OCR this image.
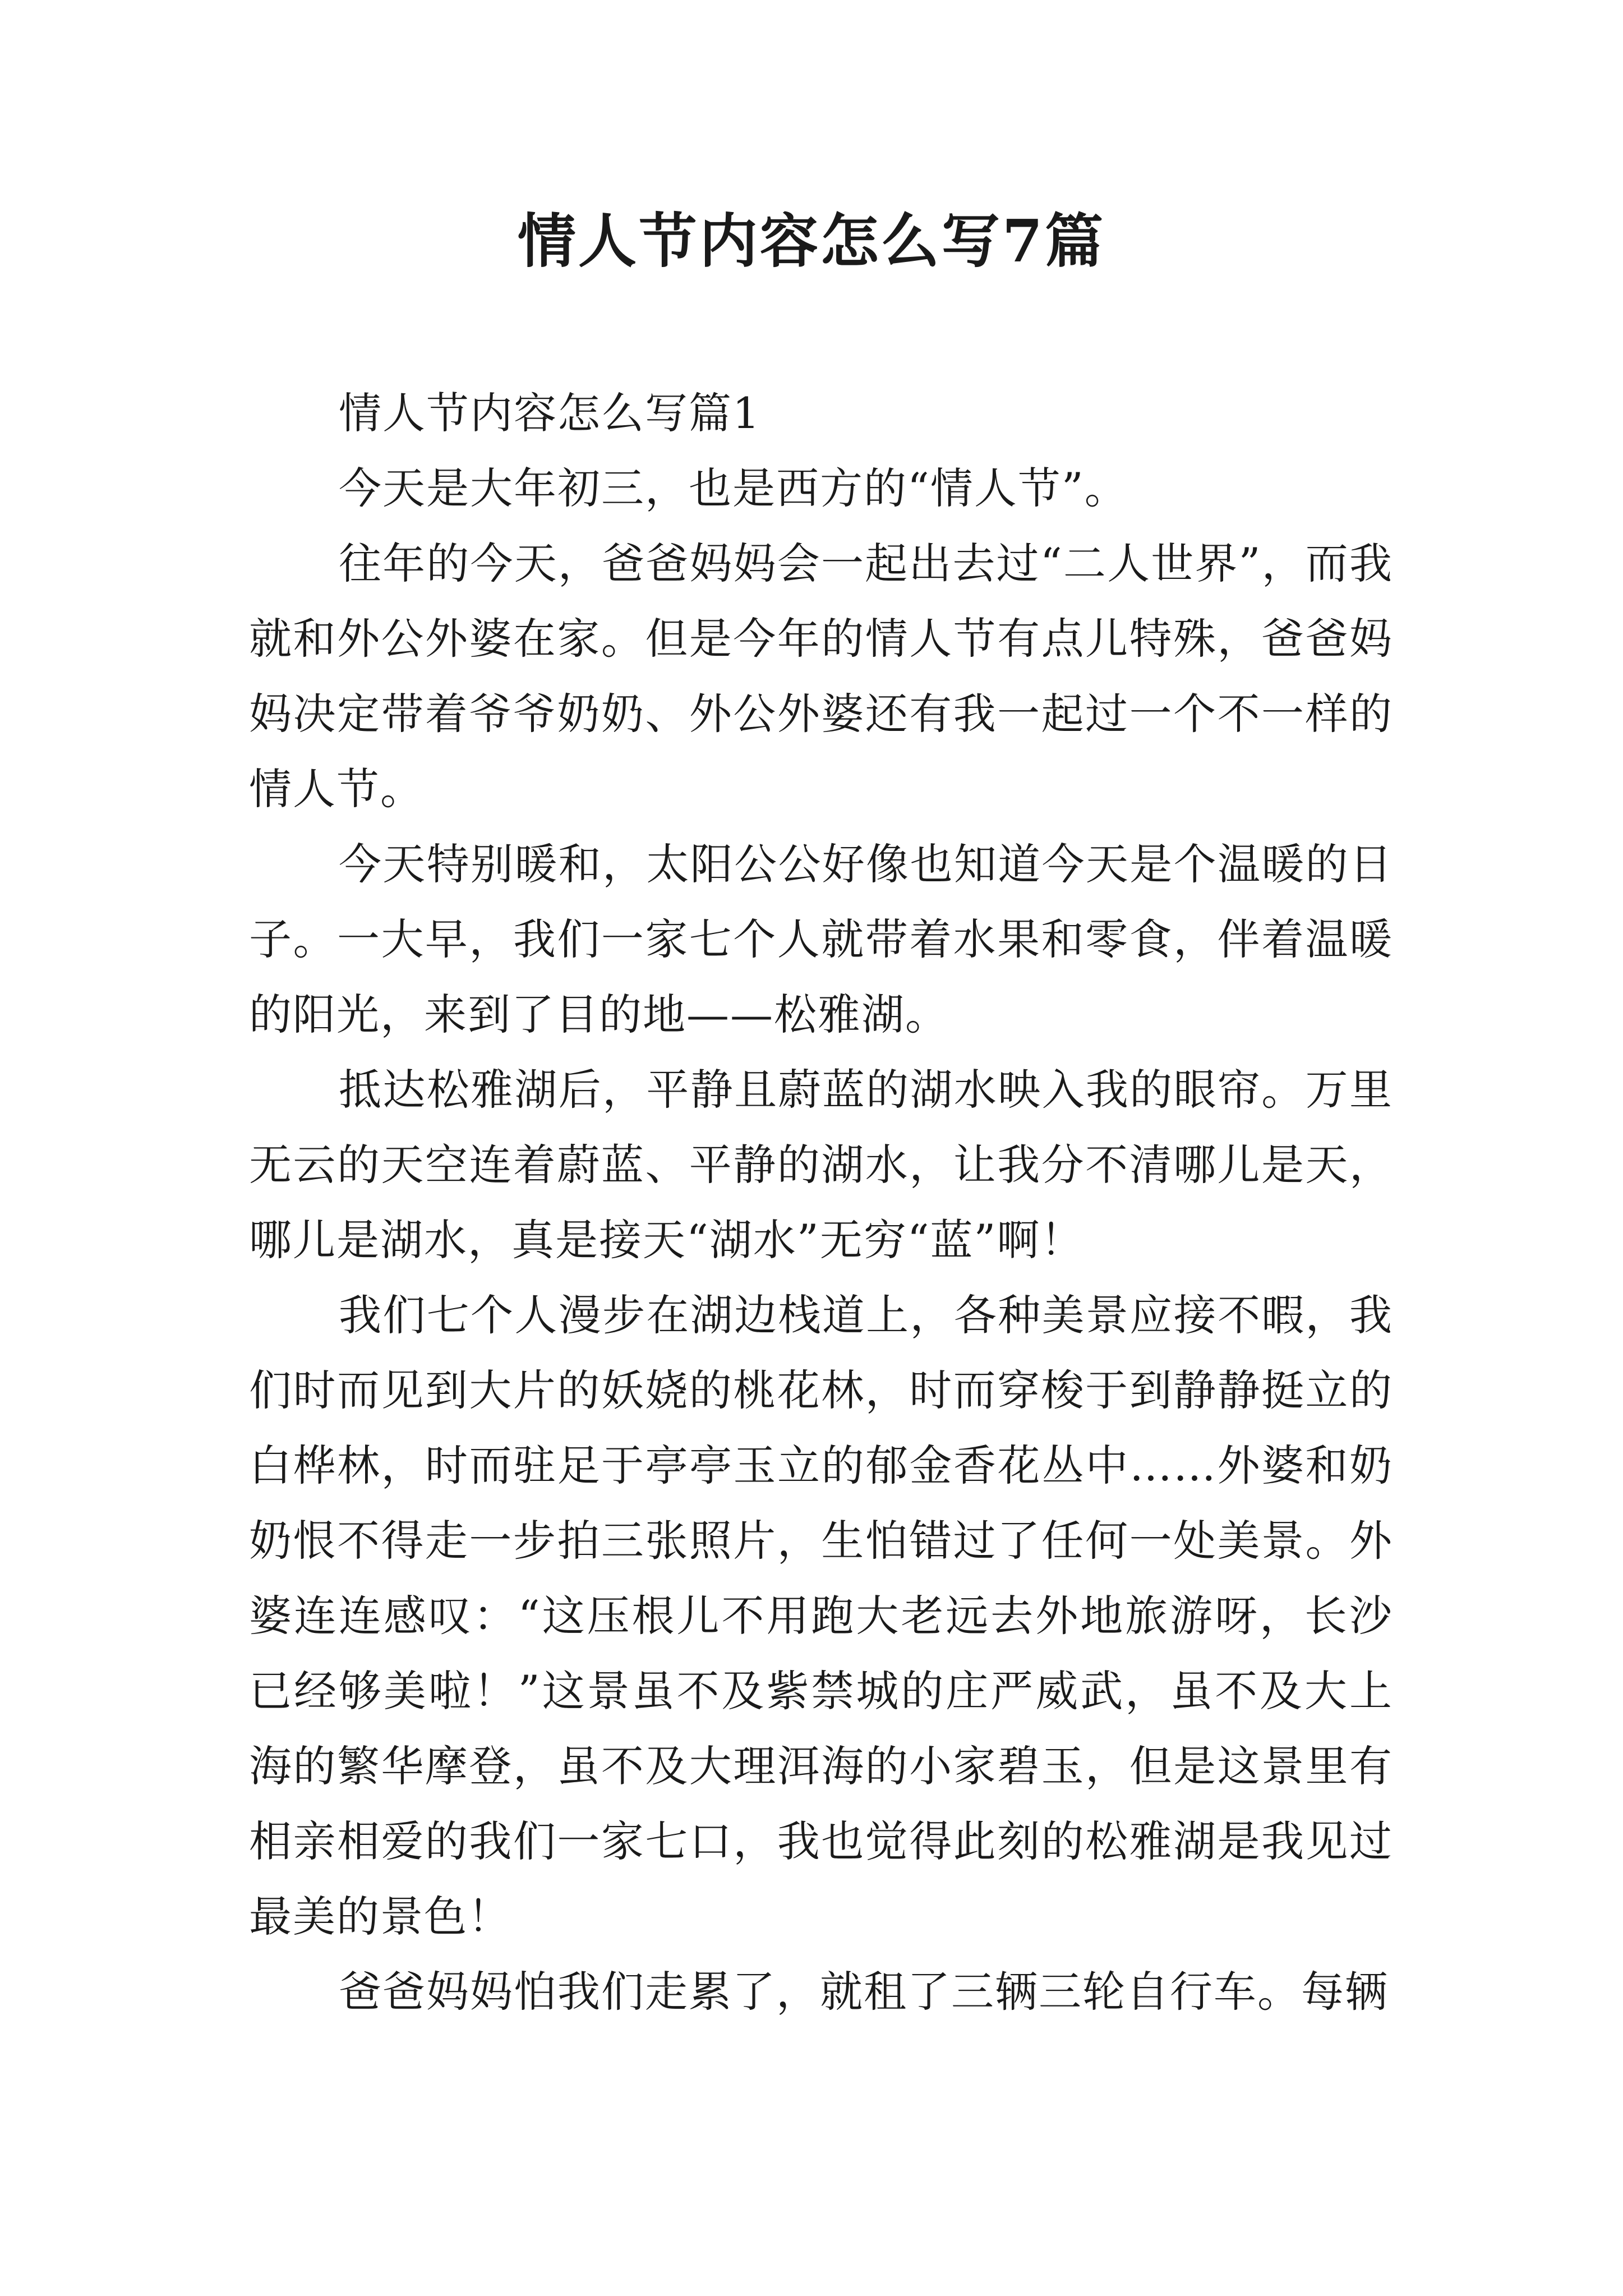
情人节内容怎么写7篇

情人节内容怎么写篇1

今天是大年初三，也是西方的“情人节”。

往年的今天，爸爸妈妈会一起出去过“二人世界”，而我就和外公外婆在家。但是今年的情人节有点儿特殊，爸爸妈妈决定带着爷爷奶奶、外公外婆还有我一起过一个不一样的情人节。

今天特别暖和，太阳公公好像也知道今天是个温暖的日子。一大早，我们一家七个人就带着水果和零食，伴着温暖的阳光，来到了目的地——松雅湖。

抵达松雅湖后，平静且蔚蓝的湖水映入我的眼帘。万里无云的天空连着蔚蓝、平静的湖水，让我分不清哪儿是天，哪儿是湖水，真是接天“湖水”无穷“蓝”啊！

我们七个人漫步在湖边栈道上，各种美景应接不暇，我们时而见到大片的妖娆的桃花林，时而穿梭于到静静挺立的白桦林，时而驻足于亭亭玉立的郁金香花丛中……外婆和奶奶恨不得走一步拍三张照片，生怕错过了任何一处美景。外婆连连感叹：“这压根儿不用跑大老远去外地旅游呀，长沙已经够美啦！”这景虽不及紫禁城的庄严威武，虽不及大上海的繁华摩登，虽不及大理洱海的小家碧玉，但是这景里有相亲相爱的我们一家七口，我也觉得此刻的松雅湖是我见过最美的景色！

爸爸妈妈怕我们走累了，就租了三辆三轮自行车。每辆
